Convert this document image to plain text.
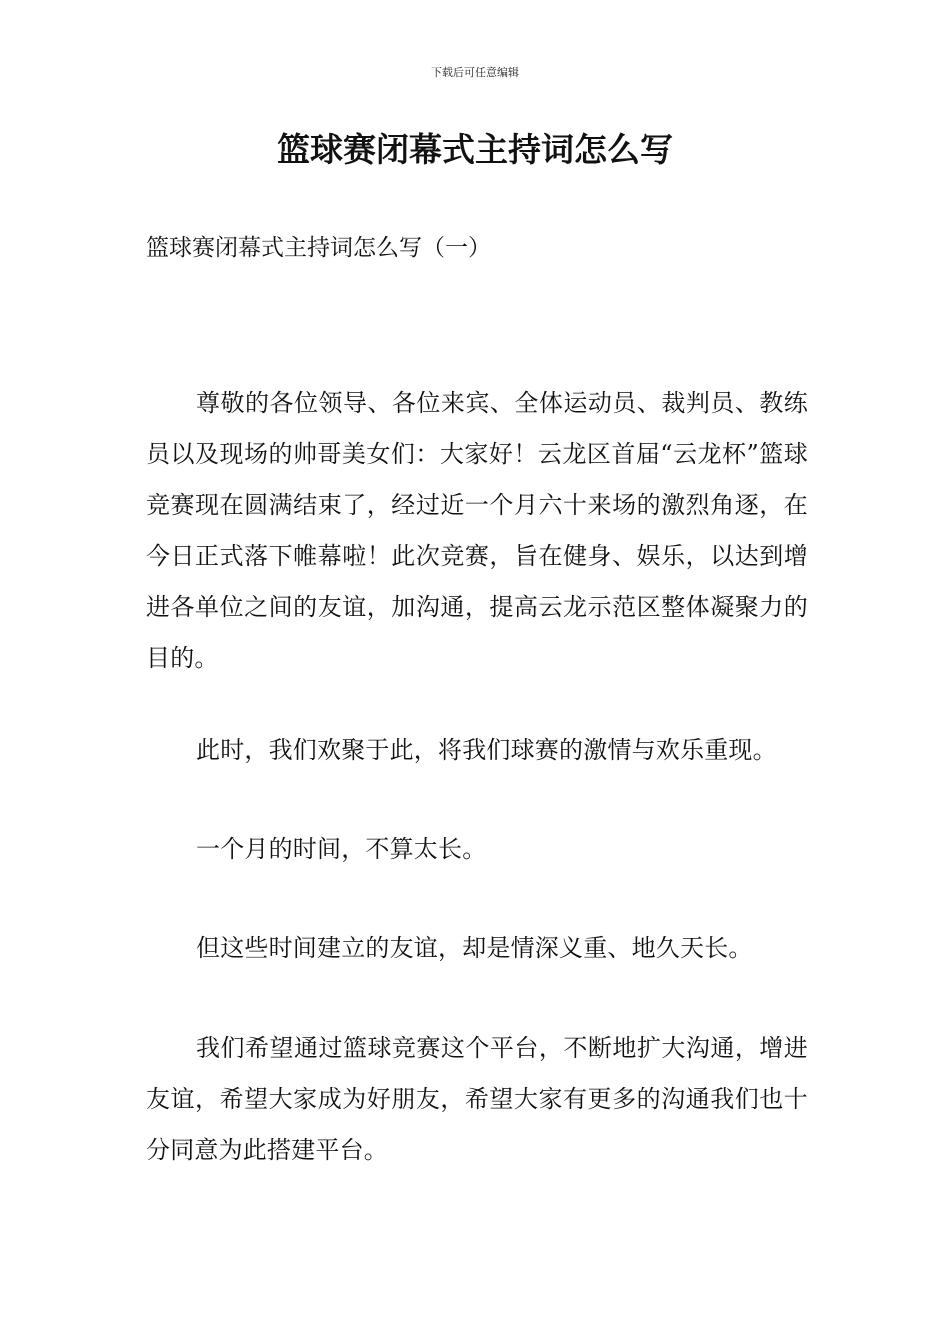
下载后可任意编辑
篮球赛闭幕式主持词怎么写
篮球赛闭幕式主持词怎么写（一）

尊敬的各位领导、各位来宾、全体运动员、裁判员、教练员以及现场的帅哥美女们：大家好！云龙区首届“云龙杯”篮球竞赛现在圆满结束了，经过近一个月六十来场的激烈角逐，在今日正式落下帷幕啦！此次竞赛，旨在健身、娱乐，以达到增进各单位之间的友谊，加沟通，提高云龙示范区整体凝聚力的目的。

此时，我们欢聚于此，将我们球赛的激情与欢乐重现。

一个月的时间，不算太长。

但这些时间建立的友谊，却是情深义重、地久天长。

我们希望通过篮球竞赛这个平台，不断地扩大沟通，增进友谊，希望大家成为好朋友，希望大家有更多的沟通我们也十分同意为此搭建平台。
